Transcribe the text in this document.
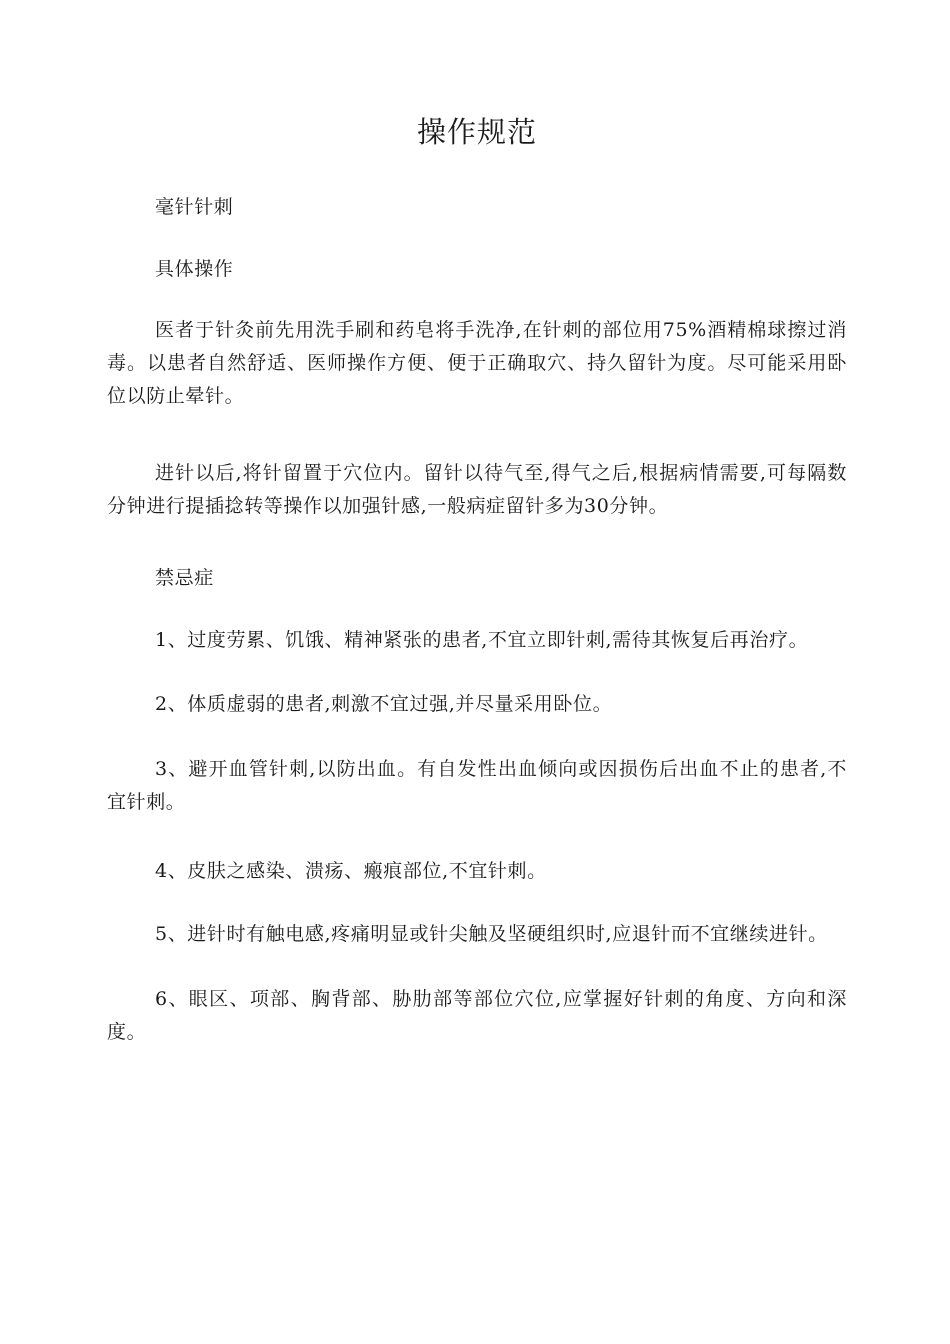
操作规范

毫针针刺

具体操作

医者于针灸前先用洗手刷和药皂将手洗净,在针刺的部位用75%酒精棉球擦过消毒。以患者自然舒适、医师操作方便、便于正确取穴、持久留针为度。尽可能采用卧位以防止晕针。

进针以后,将针留置于穴位内。留针以待气至,得气之后,根据病情需要,可每隔数分钟进行提插捻转等操作以加强针感,一般病症留针多为30分钟。

禁忌症

1、过度劳累、饥饿、精神紧张的患者,不宜立即针刺,需待其恢复后再治疗。

2、体质虚弱的患者,刺激不宜过强,并尽量采用卧位。

3、避开血管针刺,以防出血。有自发性出血倾向或因损伤后出血不止的患者,不宜针刺。

4、皮肤之感染、溃疡、瘢痕部位,不宜针刺。

5、进针时有触电感,疼痛明显或针尖触及坚硬组织时,应退针而不宜继续进针。

6、眼区、项部、胸背部、胁肋部等部位穴位,应掌握好针刺的角度、方向和深度。
